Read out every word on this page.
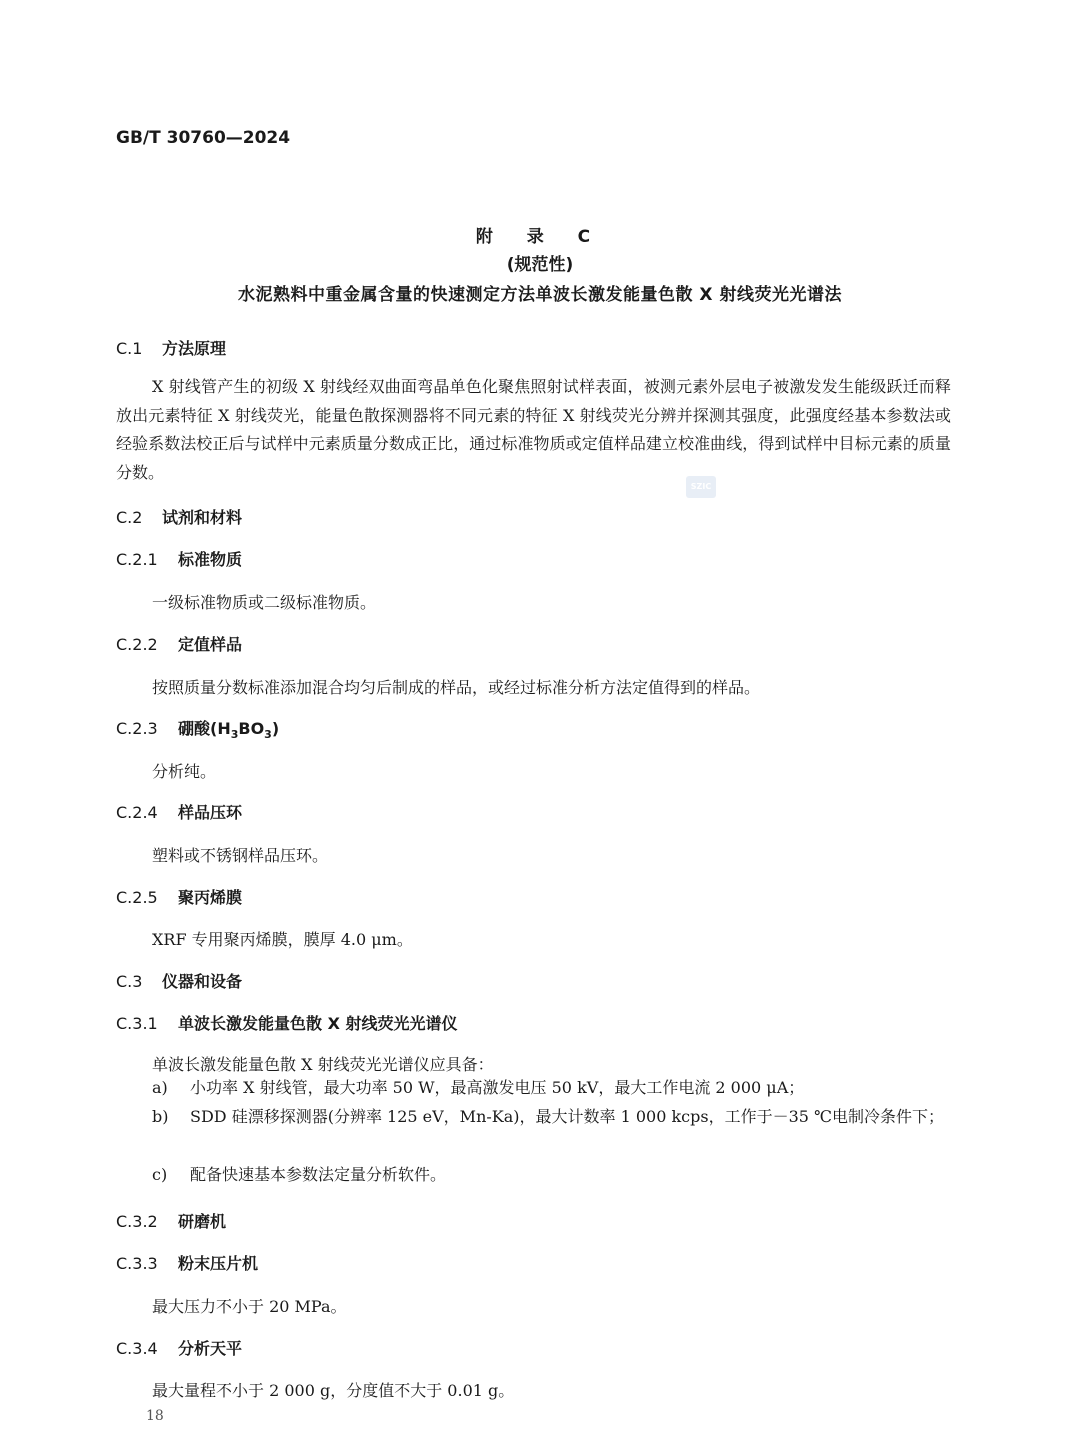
GB/T 30760—2024
附 录 C
(规范性)
水泥熟料中重金属含量的快速测定方法单波长激发能量色散 X 射线荧光光谱法
C.1 方法原理
X 射线管产生的初级 X 射线经双曲面弯晶单色化聚焦照射试样表面，被测元素外层电子被激发发生能级跃迁而释放出元素特征 X 射线荧光，能量色散探测器将不同元素的特征 X 射线荧光分辨并探测其强度，此强度经基本参数法或经验系数法校正后与试样中元素质量分数成正比，通过标准物质或定值样品建立校准曲线，得到试样中目标元素的质量分数。
SZIC
C.2 试剂和材料
C.2.1 标准物质
一级标准物质或二级标准物质。
C.2.2 定值样品
按照质量分数标准添加混合均匀后制成的样品，或经过标准分析方法定值得到的样品。
C.2.3 硼酸$(H_3BO_3)$
分析纯。
C.2.4 样品压环
塑料或不锈钢样品压环。
C.2.5 聚丙烯膜
XRF 专用聚丙烯膜，膜厚 4.0 μm。
C.3 仪器和设备
C.3.1 单波长激发能量色散 X 射线荧光光谱仪
单波长激发能量色散 X 射线荧光光谱仪应具备：
a)	小功率 X 射线管，最大功率 50 W，最高激发电压 50 kV，最大工作电流 2 000 μA；
b)	SDD 硅漂移探测器(分辨率 125 eV，Mn-Ka)，最大计数率 1 000 kcps，工作于－35 ℃电制冷条件下；
c)	配备快速基本参数法定量分析软件。
C.3.2 研磨机
C.3.3 粉末压片机
最大压力不小于 20 MPa。
C.3.4 分析天平
最大量程不小于 2 000 g，分度值不大于 0.01 g。
18
